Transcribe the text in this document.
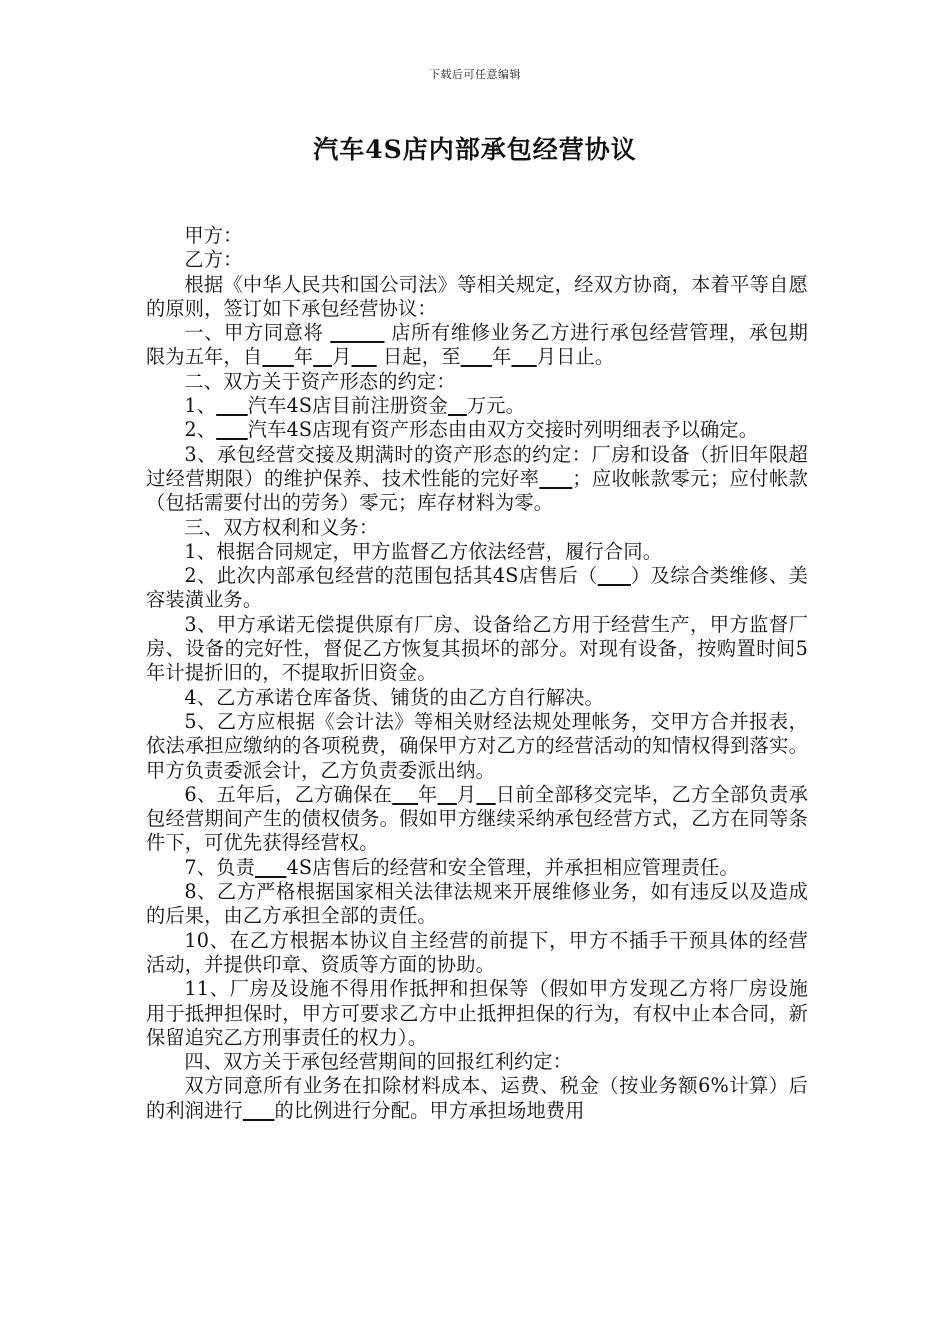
下载后可任意编辑
汽车4S店内部承包经营协议

甲方：

乙方：

根据《中华人民共和国公司法》等相关规定，经双方协商，本着平等自愿的原则，签订如下承包经营协议：

一、甲方同意将	店所有维修业务乙方进行承包经营管理，承包期限为五年，自 年 月 日起，至 年 月日止。

二、双方关于资产形态的约定：

1、 汽车4S店目前注册资金 万元。

2、 汽车4S店现有资产形态由由双方交接时列明细表予以确定。

3、承包经营交接及期满时的资产形态的约定：厂房和设备（折旧年限超过经营期限）的维护保养、技术性能的完好率 ；应收帐款零元；应付帐款（包括需要付出的劳务）零元；库存材料为零。

三、双方权利和义务：

1、根据合同规定，甲方监督乙方依法经营，履行合同。

2、此次内部承包经营的范围包括其4S店售后（ ）及综合类维修、美容装潢业务。

3、甲方承诺无偿提供原有厂房、设备给乙方用于经营生产，甲方监督厂房、设备的完好性，督促乙方恢复其损坏的部分。对现有设备，按购置时间5年计提折旧的，不提取折旧资金。

4、乙方承诺仓库备货、铺货的由乙方自行解决。

5、乙方应根据《会计法》等相关财经法规处理帐务，交甲方合并报表，依法承担应缴纳的各项税费，确保甲方对乙方的经营活动的知情权得到落实。甲方负责委派会计，乙方负责委派出纳。

6、五年后，乙方确保在 年 月 日前全部移交完毕，乙方全部负责承包经营期间产生的债权债务。假如甲方继续采纳承包经营方式，乙方在同等条件下，可优先获得经营权。

7、负责 4S店售后的经营和安全管理，并承担相应管理责任。

8、乙方严格根据国家相关法律法规来开展维修业务，如有违反以及造成的后果，由乙方承担全部的责任。

10、在乙方根据本协议自主经营的前提下，甲方不插手干预具体的经营活动，并提供印章、资质等方面的协助。

11、厂房及设施不得用作抵押和担保等（假如甲方发现乙方将厂房设施用于抵押担保时，甲方可要求乙方中止抵押担保的行为，有权中止本合同，新保留追究乙方刑事责任的权力）。

四、双方关于承包经营期间的回报红利约定：

双方同意所有业务在扣除材料成本、运费、税金（按业务额6%计算）后的利润进行 的比例进行分配。甲方承担场地费用
